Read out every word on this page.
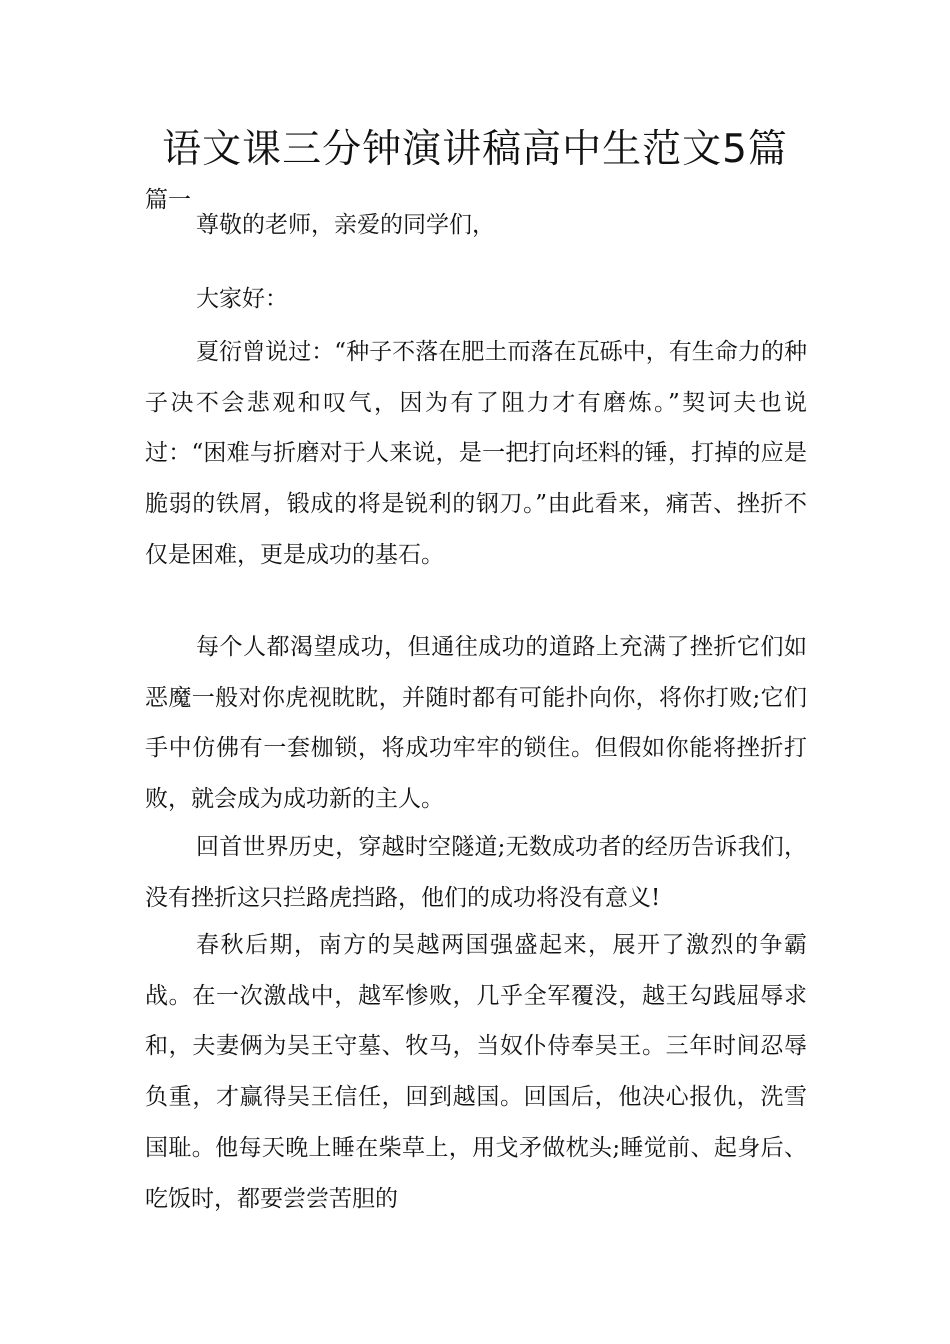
语文课三分钟演讲稿高中生范文5篇

篇一

尊敬的老师，亲爱的同学们，

大家好：

夏衍曾说过：“种子不落在肥土而落在瓦砾中，有生命力的种子决不会悲观和叹气，因为有了阻力才有磨炼。”契诃夫也说过：“困难与折磨对于人来说，是一把打向坯料的锤，打掉的应是脆弱的铁屑，锻成的将是锐利的钢刀。”由此看来，痛苦、挫折不仅是困难，更是成功的基石。

每个人都渴望成功，但通往成功的道路上充满了挫折它们如恶魔一般对你虎视眈眈，并随时都有可能扑向你，将你打败;它们手中仿佛有一套枷锁，将成功牢牢的锁住。但假如你能将挫折打败，就会成为成功新的主人。

回首世界历史，穿越时空隧道;无数成功者的经历告诉我们，没有挫折这只拦路虎挡路，他们的成功将没有意义!

春秋后期，南方的吴越两国强盛起来，展开了激烈的争霸战。在一次激战中，越军惨败，几乎全军覆没，越王勾践屈辱求和，夫妻俩为吴王守墓、牧马，当奴仆侍奉吴王。三年时间忍辱负重，才赢得吴王信任，回到越国。回国后，他决心报仇，洗雪国耻。他每天晚上睡在柴草上，用戈矛做枕头;睡觉前、起身后、吃饭时，都要尝尝苦胆的
